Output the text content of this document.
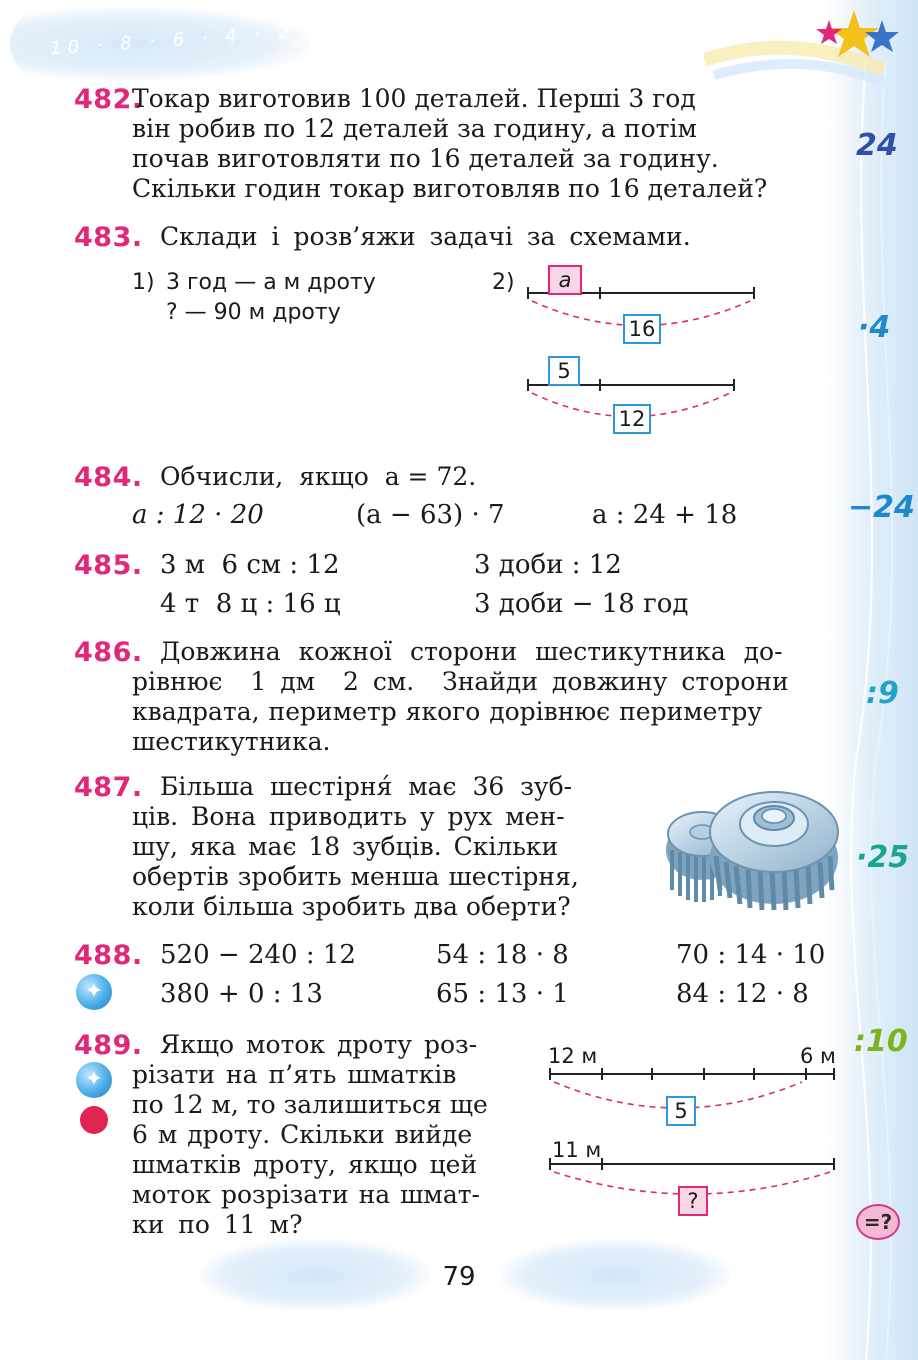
10 · 8 · 6 · 4 · 2
24
·4
−24
:9
·25
:10
482.
Токар виготовив 100 деталей. Перші 3 год
він робив по 12 деталей за годину, а потім
почав виготовляти по 16 деталей за годину.
Скільки годин токар виготовляв по 16 деталей?
483. Склади і розв’яжи задачі за схемами.
1) 3 год — а м дроту
? — 90 м дроту
2)	а
16
5
12
484. Обчисли,  якщо  a = 72.
a : 12 · 20	(a − 63) · 7	a : 24 + 18
485. 3 м  6 см : 12	3 доби : 12
4 т  8 ц : 16 ц	3 доби − 18 год
486. Довжина кожної сторони шестикутника до-
рівнює  1 дм  2 см.  Знайди довжину сторони
квадрата, периметр якого дорівнює периметру
шестикутника.
487. Більша шестірня́ має 36 зуб-
ців. Вона приводить у рух мен-
шу, яка має 18 зубців. Скільки
обертів зробить менша шестірня,
коли більша зробить два оберти?
488.
✦
520 − 240 : 12	54 : 18 · 8	70 : 14 · 10
380 + 0 : 13	65 : 13 · 1	84 : 12 · 8
489. Якщо моток дроту роз-
різати на п’ять шматків
по 12 м, то залишиться ще
6 м дроту. Скільки вийде
шматків дроту, якщо цей
моток розрізати на шмат-
ки по 11 м?
✦
12 м	6 м
11 м
5
?
=?
79
